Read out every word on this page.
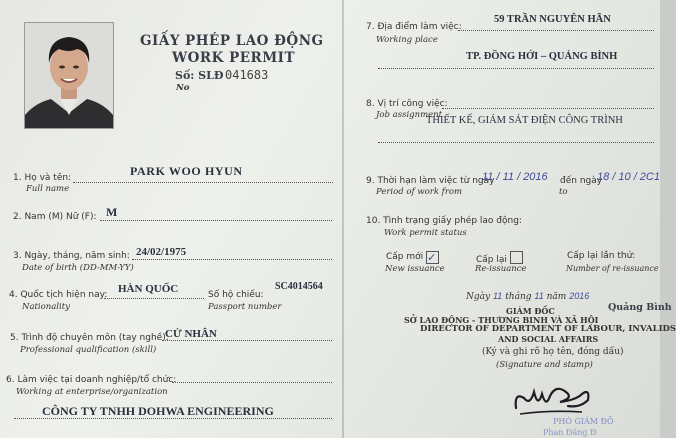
GIẤY PHÉP LAO ĐỘNG
WORK PERMIT
Số: SLĐ 041683
No
1. Họ và tên:
Full name
PARK WOO HYUN
2. Nam (M) Nữ (F): M
3. Ngày, tháng, năm sinh:
Date of birth (DD-MM-YY)
24/02/1975
4. Quốc tịch hiện nay:
Nationality
HÀN QUỐC	Số hộ chiếu:
Passport number
SC4014564
5. Trình độ chuyên môn (tay nghề):
Professional qualification (skill)
CỬ NHÂN
6. Làm việc tại doanh nghiệp/tổ chức:
Working at enterprise/organization
CÔNG TY TNHH DOHWA ENGINEERING
7. Địa điểm làm việc:
Working place
59 TRẦN NGUYÊN HÃN
TP. ĐỒNG HỚI – QUẢNG BÌNH
8. Vị trí công việc:
Job assignment
THIẾT KẾ, GIÁM SÁT ĐIỆN CÔNG TRÌNH
9. Thời hạn làm việc từ ngày
Period of work from
11 / 11 / 2016 đến ngày
to
18 / 10 / 2C1
10. Tình trạng giấy phép lao động:
Work permit status
Cấp mới ✓
New issuance
Cấp lại
Re-issuance
Cấp lại lần thứ:
Number of re-issuance
Ngày 11 tháng 11 năm 2016
Quảng Bình
GIÁM ĐỐC
SỞ LAO ĐỘNG - THƯƠNG BINH VÀ XÃ HỘI
DIRECTOR OF DEPARTMENT OF LABOUR, INVALIDS
AND SOCIAL AFFAIRS
(Ký và ghi rõ họ tên, đóng dấu)
(Signature and stamp)
PHÓ GIÁM ĐỐ
Phan Đăng Đ
